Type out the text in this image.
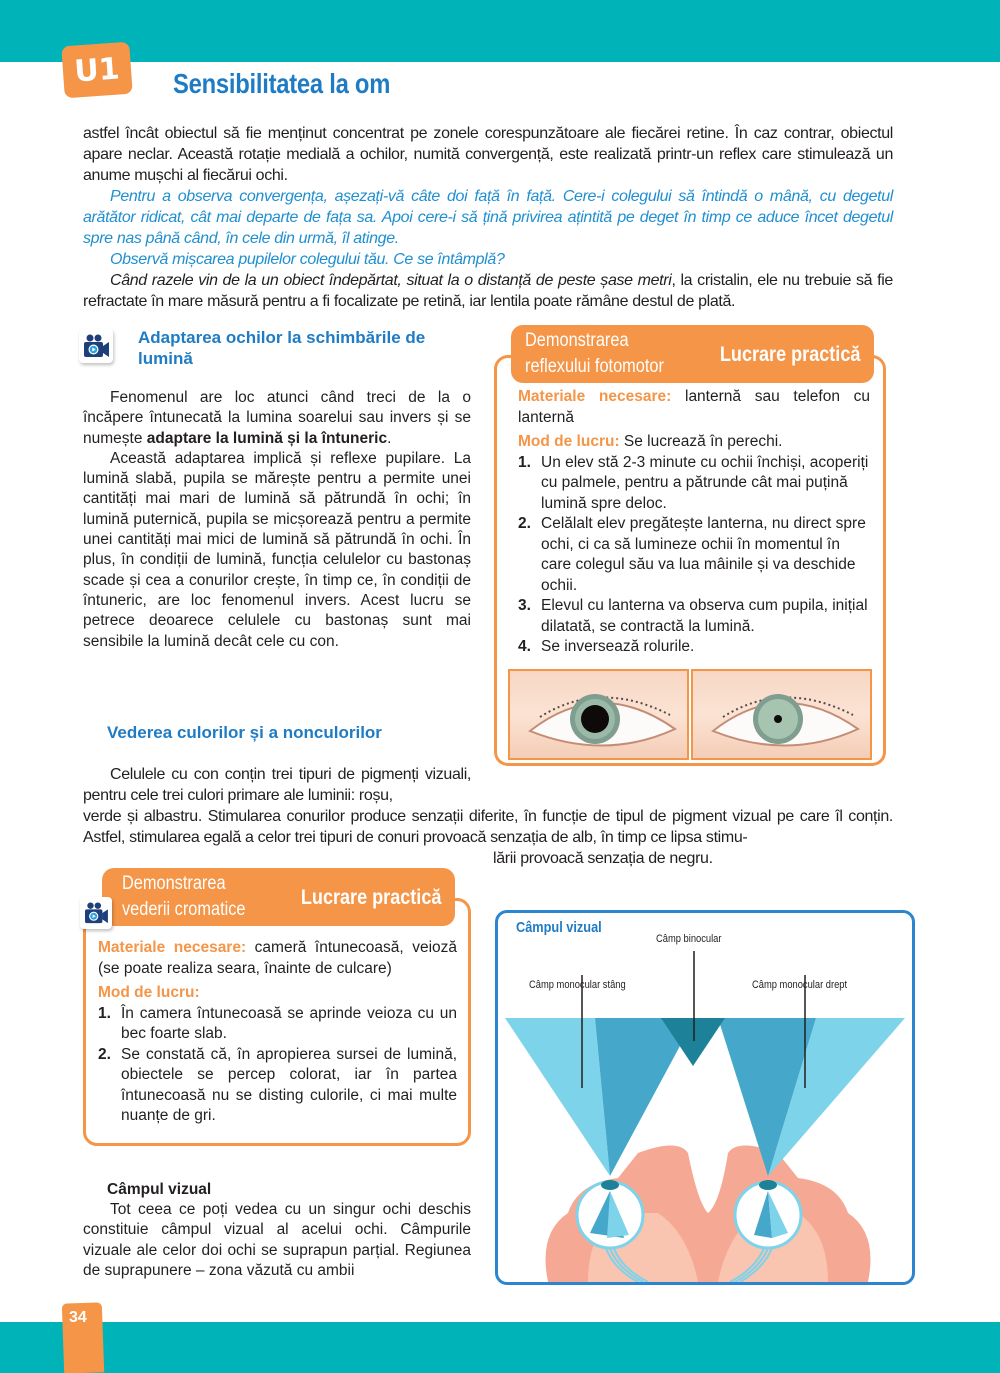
U1	Sensibilitatea la om

astfel încât obiectul să fie menținut concentrat pe zonele corespunzătoare ale fiecărei retine. În caz contrar, obiectul apare neclar. Această rotație medială a ochilor, numită convergență, este realizată printr-un reflex care stimulează un anume mușchi al fiecărui ochi.

Pentru a observa convergența, așezați-vă câte doi față în față. Cere-i colegului să întindă o mână, cu degetul arătător ridicat, cât mai departe de fața sa. Apoi cere-i să țină privirea ațintită pe deget în timp ce aduce încet degetul spre nas până când, în cele din urmă, îl atinge.

Observă mișcarea pupilelor colegului tău. Ce se întâmplă?

Când razele vin de la un obiect îndepărtat, situat la o distanță de peste șase metri, la cristalin, ele nu trebuie să fie refractate în mare măsură pentru a fi focalizate pe retină, iar lentila poate rămâne destul de plată.

Adaptarea ochilor la schimbările de lumină

Fenomenul are loc atunci când treci de la o încăpere întunecată la lumina soarelui sau invers și se numește adaptare la lumină și la întuneric.

Această adaptarea implică și reflexe pupilare. La lumină slabă, pupila se mărește pentru a permite unei cantități mai mari de lumină să pătrundă în ochi; în lumină puternică, pupila se micșorează pentru a permite unei cantități mai mici de lumină să pătrundă în ochi. În plus, în condiții de lumină, funcția celulelor cu bastonaș scade și cea a conurilor crește, în timp ce, în condiții de întuneric, are loc fenomenul invers. Acest lucru se petrece deoarece celulele cu bastonaș sunt mai sensibile la lumină decât cele cu con.

Demonstrarea
reflexului fotomotor
Lucrare practică
Materiale necesare: lanternă sau telefon cu lanternă
Mod de lucru: Se lucrează în perechi.
1. Un elev stă 2-3 minute cu ochii închiși, acoperiți cu palmele, pentru a pătrunde cât mai puțină lumină spre deloc.
2. Celălalt elev pregătește lanterna, nu direct spre ochi, ci ca să lumineze ochii în momentul în care colegul său va lua mâinile și va deschide ochii.
3. Elevul cu lanterna va observa cum pupila, inițial dilatată, se contractă la lumină.
4. Se inversează rolurile.
Vederea culorilor și a nonculorilor
Celulele cu con conțin trei tipuri de pigmenți vizuali, pentru cele trei culori primare ale luminii: roșu,
verde și albastru. Stimularea conurilor produce senzații diferite, în funcție de tipul de pigment vizual pe care îl conțin. Astfel, stimularea egală a celor trei tipuri de conuri provoacă senzația de alb, în timp ce lipsa stimu-
lării provoacă senzația de negru.
Demonstrarea
vederii cromatice
Lucrare practică
Materiale necesare: cameră întunecoasă, veioză (se poate realiza seara, înainte de culcare)
Mod de lucru:
1. În camera întunecoasă se aprinde veioza cu un bec foarte slab.
2. Se constată că, în apropierea sursei de lumină, obiectele se percep colorat, iar în partea întunecoasă nu se disting culorile, ci mai multe nuanțe de gri.
Câmpul vizual
Tot ceea ce poți vedea cu un singur ochi deschis constituie câmpul vizual al acelui ochi. Câmpurile vizuale ale celor doi ochi se suprapun parțial. Regiunea de suprapunere – zona văzută cu ambii
Câmpul vizual
Câmp binocular
Câmp monocular stâng	Câmp monocular drept
34
